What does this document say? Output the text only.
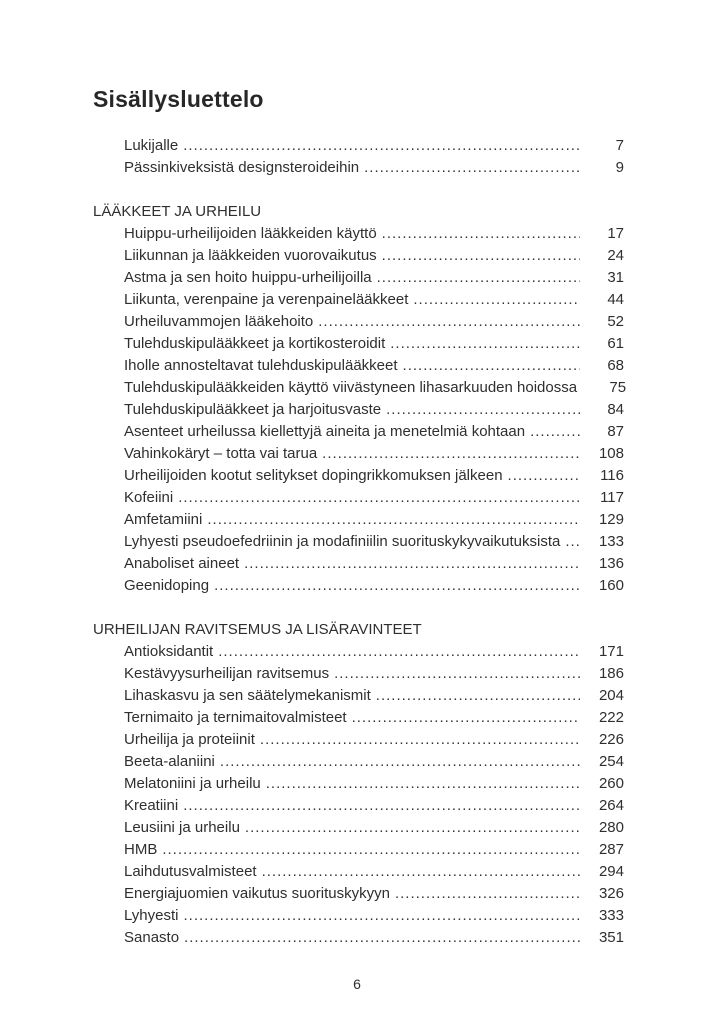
Sisällysluettelo
Lukijalle .....	7
Pässinkiveksistä designsteroideihin .....	9
LÄÄKKEET JA URHEILU
Huippu-urheilijoiden lääkkeiden käyttö .....	17
Liikunnan ja lääkkeiden vuorovaikutus .....	24
Astma ja sen hoito huippu-urheilijoilla .....	31
Liikunta, verenpaine ja verenpainelääkkeet .....	44
Urheiluvammojen lääkehoito .....	52
Tulehduskipulääkkeet ja kortikosteroidit .....	61
Iholle annosteltavat tulehduskipulääkkeet .....	68
Tulehduskipulääkkeiden käyttö viivästyneen lihasarkuuden hoidossa	75
Tulehduskipulääkkeet ja harjoitusvaste .....	84
Asenteet urheilussa kiellettyjä aineita ja menetelmiä kohtaan .....	87
Vahinkokäryt – totta vai tarua .....	108
Urheilijoiden kootut selitykset dopingrikkomuksen jälkeen .....	116
Kofeiini .....	117
Amfetamiini .....	129
Lyhyesti pseudoefedriinin ja modafiniilin suorituskykyvaikutuksista .....	133
Anaboliset aineet .....	136
Geenidoping .....	160
URHEILIJAN RAVITSEMUS JA LISÄRAVINTEET
Antioksidantit .....	171
Kestävyysurheilijan ravitsemus .....	186
Lihaskasvu ja sen säätelymekanismit .....	204
Ternimaito ja ternimaitovalmisteet .....	222
Urheilija ja proteiinit .....	226
Beeta-alaniini .....	254
Melatoniini ja urheilu .....	260
Kreatiini .....	264
Leusiini ja urheilu .....	280
HMB .....	287
Laihdutusvalmisteet .....	294
Energiajuomien vaikutus suorituskykyyn .....	326
Lyhyesti .....	333
Sanasto .....	351
6
